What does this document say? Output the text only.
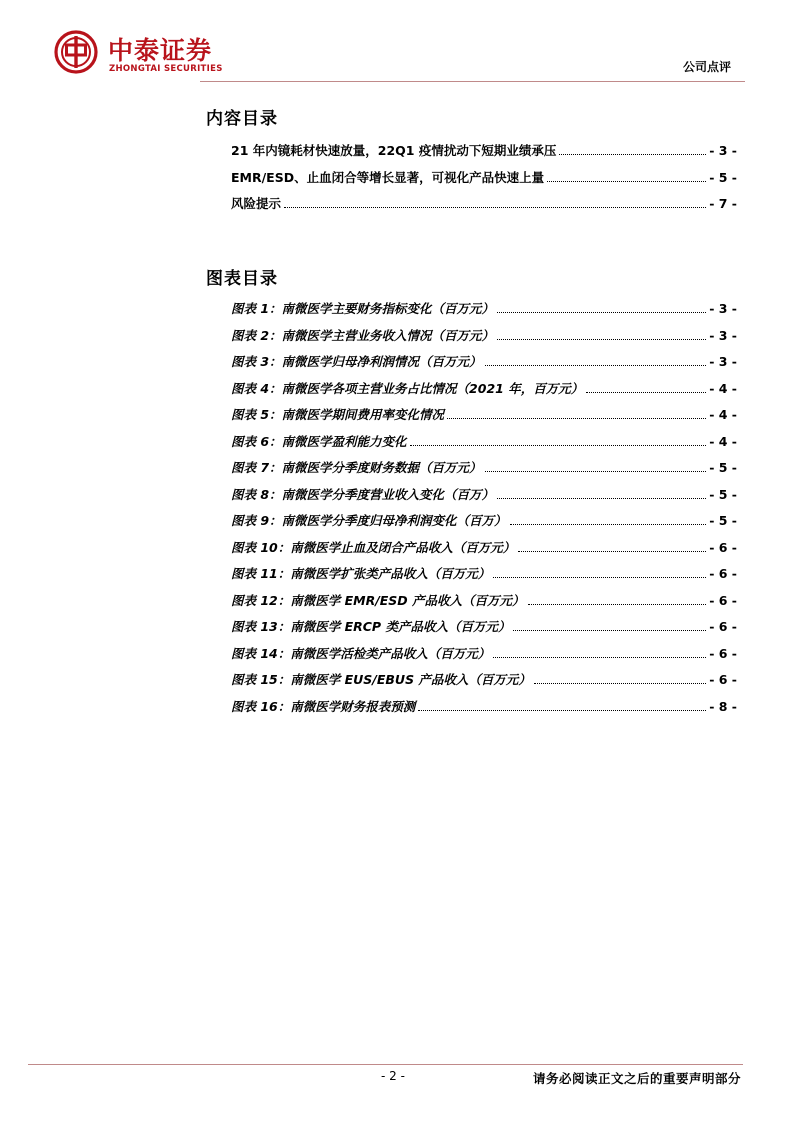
中泰证券
ZHONGTAI SECURITIES	公司点评
内容目录
21 年内镜耗材快速放量，22Q1 疫情扰动下短期业绩承压	- 3 -
EMR/ESD、止血闭合等增长显著，可视化产品快速上量	- 5 -
风险提示	- 7 -
图表目录
图表 1：南微医学主要财务指标变化（百万元）	- 3 -
图表 2：南微医学主营业务收入情况（百万元）	- 3 -
图表 3：南微医学归母净利润情况（百万元）	- 3 -
图表 4：南微医学各项主营业务占比情况（2021 年，百万元）	- 4 -
图表 5：南微医学期间费用率变化情况	- 4 -
图表 6：南微医学盈利能力变化	- 4 -
图表 7：南微医学分季度财务数据（百万元）	- 5 -
图表 8：南微医学分季度营业收入变化（百万）	- 5 -
图表 9：南微医学分季度归母净利润变化（百万）	- 5 -
图表 10：南微医学止血及闭合产品收入（百万元）	- 6 -
图表 11：南微医学扩张类产品收入（百万元）	- 6 -
图表 12：南微医学 EMR/ESD 产品收入（百万元）	- 6 -
图表 13：南微医学 ERCP 类产品收入（百万元）	- 6 -
图表 14：南微医学活检类产品收入（百万元）	- 6 -
图表 15：南微医学 EUS/EBUS 产品收入（百万元）	- 6 -
图表 16：南微医学财务报表预测	- 8 -
- 2 -	请务必阅读正文之后的重要声明部分
